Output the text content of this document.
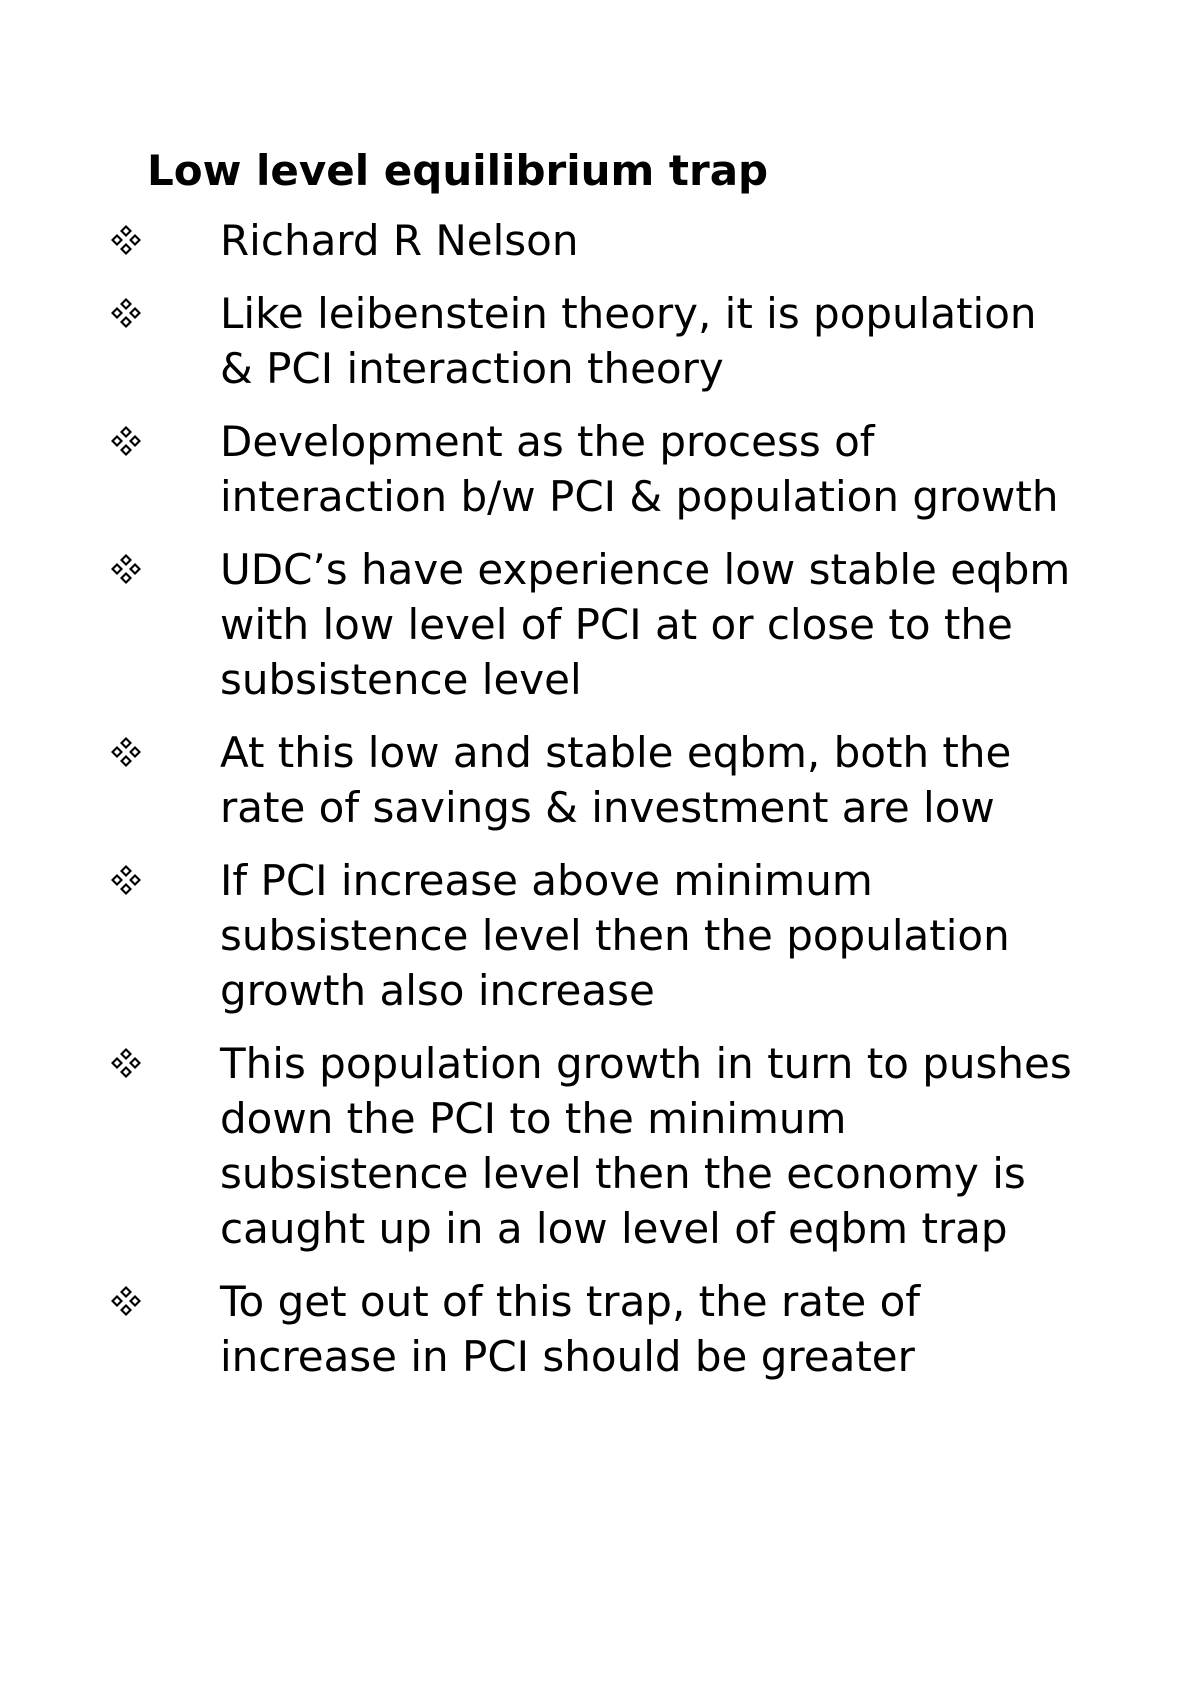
Low level equilibrium trap
Richard R Nelson
Like leibenstein theory, it is population & PCI interaction theory
Development as the process of interaction b/w PCI & population growth
UDC’s have experience low stable eqbm with low level of PCI at or close to the subsistence level
At this low and stable eqbm, both the rate of savings & investment are low
If PCI increase above minimum subsistence level then the population growth also increase
This population growth in turn to pushes down the PCI to the minimum subsistence level then the economy is caught up in a low level of eqbm trap
To get out of this trap, the rate of increase in PCI should be greater
